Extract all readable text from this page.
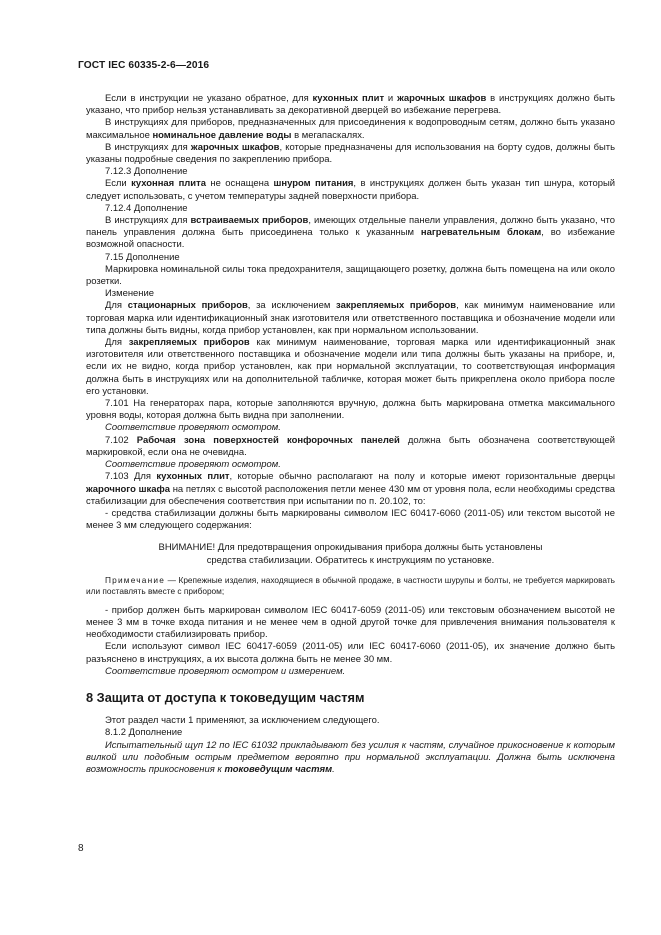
ГОСТ IEC 60335-2-6—2016

Если в инструкции не указано обратное, для кухонных плит и жарочных шкафов в инструкциях должно быть указано, что прибор нельзя устанавливать за декоративной дверцей во избежание перегрева.

В инструкциях для приборов, предназначенных для присоединения к водопроводным сетям, должно быть указано максимальное номинальное давление воды в мегапаскалях.

В инструкциях для жарочных шкафов, которые предназначены для использования на борту судов, должны быть указаны подробные сведения по закреплению прибора.

7.12.3 Дополнение

Если кухонная плита не оснащена шнуром питания, в инструкциях должен быть указан тип шнура, который следует использовать, с учетом температуры задней поверхности прибора.

7.12.4 Дополнение

В инструкциях для встраиваемых приборов, имеющих отдельные панели управления, должно быть указано, что панель управления должна быть присоединена только к указанным нагревательным блокам, во избежание возможной опасности.

7.15 Дополнение

Маркировка номинальной силы тока предохранителя, защищающего розетку, должна быть помещена на или около розетки.

Изменение

Для стационарных приборов, за исключением закрепляемых приборов, как минимум наименование или торговая марка или идентификационный знак изготовителя или ответственного поставщика и обозначение модели или типа должны быть видны, когда прибор установлен, как при нормальном использовании.

Для закрепляемых приборов как минимум наименование, торговая марка или идентификационный знак изготовителя или ответственного поставщика и обозначение модели или типа должны быть указаны на приборе, и, если их не видно, когда прибор установлен, как при нормальной эксплуатации, то соответствующая информация должна быть в инструкциях или на дополнительной табличке, которая может быть прикреплена около прибора после его установки.

7.101 На генераторах пара, которые заполняются вручную, должна быть маркирована отметка максимального уровня воды, которая должна быть видна при заполнении.

Соответствие проверяют осмотром.

7.102 Рабочая зона поверхностей конфорочных панелей должна быть обозначена соответствующей маркировкой, если она не очевидна.

Соответствие проверяют осмотром.

7.103 Для кухонных плит, которые обычно располагают на полу и которые имеют горизонтальные дверцы жарочного шкафа на петлях с высотой расположения петли менее 430 мм от уровня пола, если необходимы средства стабилизации для обеспечения соответствия при испытании по п. 20.102, то:

- средства стабилизации должны быть маркированы символом IEC 60417-6060 (2011-05) или текстом высотой не менее 3 мм следующего содержания:

ВНИМАНИЕ! Для предотвращения опрокидывания прибора должны быть установлены
средства стабилизации. Обратитесь к инструкциям по установке.

Примечание — Крепежные изделия, находящиеся в обычной продаже, в частности шурупы и болты, не требуется маркировать или поставлять вместе с прибором;

- прибор должен быть маркирован символом IEC 60417-6059 (2011-05) или текстовым обозначением высотой не менее 3 мм в точке входа питания и не менее чем в одной другой точке для привлечения внимания пользователя к необходимости стабилизировать прибор.

Если используют символ IEC 60417-6059 (2011-05) или IEC 60417-6060 (2011-05), их значение должно быть разъяснено в инструкциях, а их высота должна быть не менее 30 мм.

Соответствие проверяют осмотром и измерением.

8 Защита от доступа к токоведущим частям

Этот раздел части 1 применяют, за исключением следующего.

8.1.2 Дополнение

Испытательный щуп 12 по IEC 61032 прикладывают без усилия к частям, случайное прикосновение к которым вилкой или подобным острым предметом вероятно при нормальной эксплуатации. Должна быть исключена возможность прикосновения к токоведущим частям.

8
